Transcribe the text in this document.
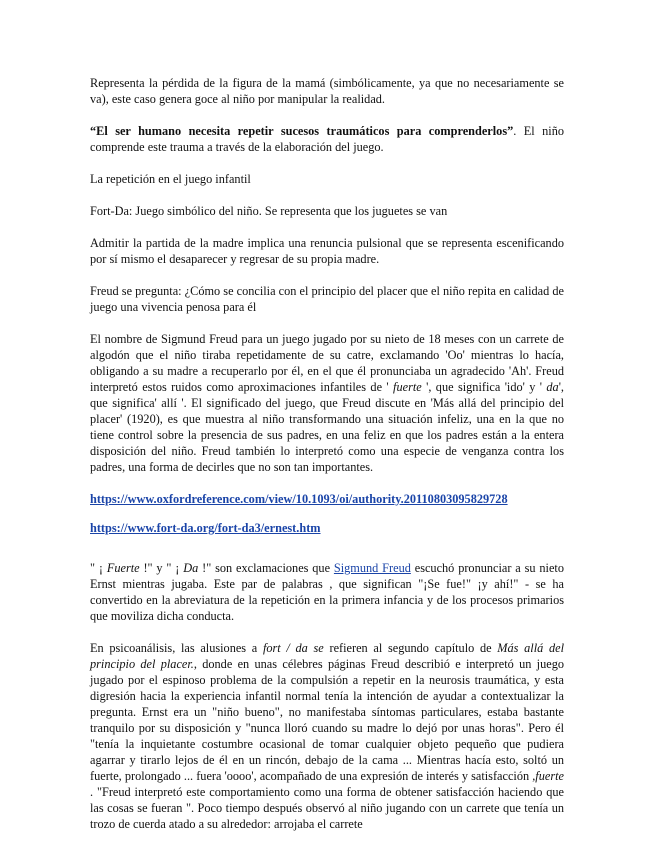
Representa la pérdida de la figura de la mamá (simbólicamente, ya que no necesariamente se va), este caso genera goce al niño por manipular la realidad.

“El ser humano necesita repetir sucesos traumáticos para comprenderlos”. El niño comprende este trauma a través de la elaboración del juego.

La repetición en el juego infantil

Fort-Da: Juego simbólico del niño. Se representa que los juguetes se van

Admitir la partida de la madre implica una renuncia pulsional que se representa escenificando por sí mismo el desaparecer y regresar de su propia madre.

Freud se pregunta: ¿Cómo se concilia con el principio del placer que el niño repita en calidad de juego una vivencia penosa para él

El nombre de Sigmund Freud para un juego jugado por su nieto de 18 meses con un carrete de algodón que el niño tiraba repetidamente de su catre, exclamando 'Oo' mientras lo hacía, obligando a su madre a recuperarlo por él, en el que él pronunciaba un agradecido 'Ah'. Freud interpretó estos ruidos como aproximaciones infantiles de ' fuerte ', que significa 'ido' y ' da', que significa' allí '. El significado del juego, que Freud discute en 'Más allá del principio del placer' (1920), es que muestra al niño transformando una situación infeliz, una en la que no tiene control sobre la presencia de sus padres, en una feliz en que los padres están a la entera disposición del niño. Freud también lo interpretó como una especie de venganza contra los padres, una forma de decirles que no son tan importantes.

https://www.oxfordreference.com/view/10.1093/oi/authority.20110803095829728

https://www.fort-da.org/fort-da3/ernest.htm

" ¡ Fuerte !" y " ¡ Da !" son exclamaciones que Sigmund Freud escuchó pronunciar a su nieto Ernst mientras jugaba. Este par de palabras , que significan "¡Se fue!" ¡y ahí!" - se ha convertido en la abreviatura de la repetición en la primera infancia y de los procesos primarios que moviliza dicha conducta.

En psicoanálisis, las alusiones a fort / da se refieren al segundo capítulo de Más allá del principio del placer., donde en unas célebres páginas Freud describió e interpretó un juego jugado por el espinoso problema de la compulsión a repetir en la neurosis traumática, y esta digresión hacia la experiencia infantil normal tenía la intención de ayudar a contextualizar la pregunta. Ernst era un "niño bueno", no manifestaba síntomas particulares, estaba bastante tranquilo por su disposición y "nunca lloró cuando su madre lo dejó por unas horas". Pero él "tenía la inquietante costumbre ocasional de tomar cualquier objeto pequeño que pudiera agarrar y tirarlo lejos de él en un rincón, debajo de la cama ... Mientras hacía esto, soltó un fuerte, prolongado ... fuera 'oooo', acompañado de una expresión de interés y satisfacción ,fuerte . "Freud interpretó este comportamiento como una forma de obtener satisfacción haciendo que las cosas se fueran ". Poco tiempo después observó al niño jugando con un carrete que tenía un trozo de cuerda atado a su alrededor: arrojaba el carrete
